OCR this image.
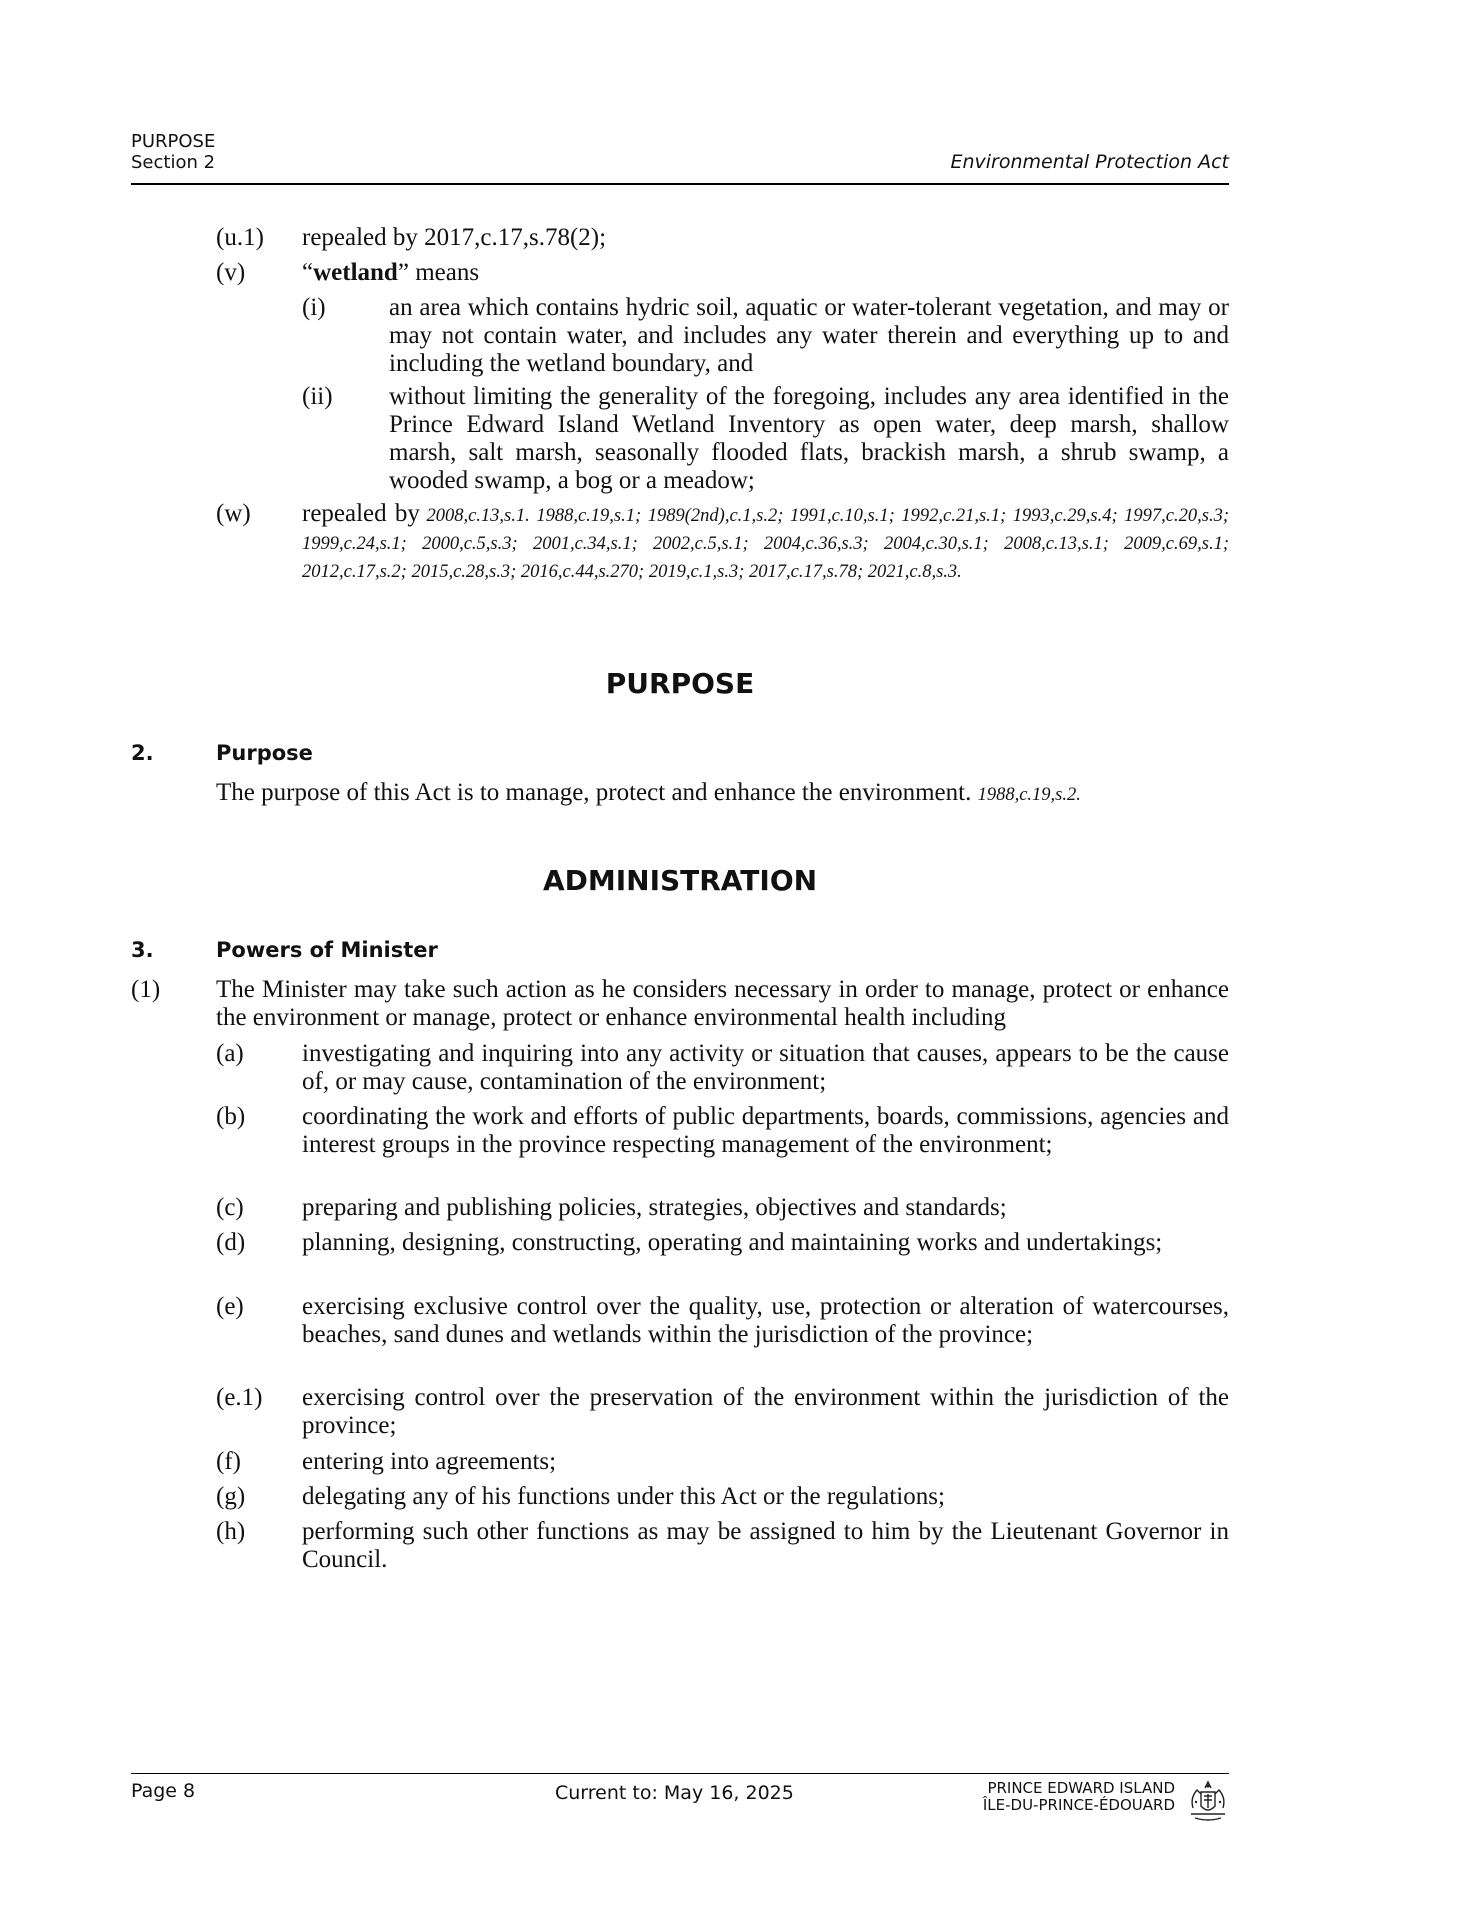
PURPOSE
Section 2	Environmental Protection Act
(u.1) repealed by 2017,c.17,s.78(2);
(v) “wetland” means
(i)	an area which contains hydric soil, aquatic or water-tolerant vegetation, and may or may not contain water, and includes any water therein and everything up to and including the wetland boundary, and
(ii) without limiting the generality of the foregoing, includes any area identified in the Prince Edward Island Wetland Inventory as open water, deep marsh, shallow marsh, salt marsh, seasonally flooded flats, brackish marsh, a shrub swamp, a wooded swamp, a bog or a meadow;
(w) repealed by 2008,c.13,s.1. 1988,c.19,s.1; 1989(2nd),c.1,s.2; 1991,c.10,s.1; 1992,c.21,s.1; 1993,c.29,s.4; 1997,c.20,s.3; 1999,c.24,s.1; 2000,c.5,s.3; 2001,c.34,s.1; 2002,c.5,s.1; 2004,c.36,s.3; 2004,c.30,s.1; 2008,c.13,s.1; 2009,c.69,s.1; 2012,c.17,s.2; 2015,c.28,s.3; 2016,c.44,s.270; 2019,c.1,s.3; 2017,c.17,s.78; 2021,c.8,s.3.
PURPOSE
2.	Purpose
The purpose of this Act is to manage, protect and enhance the environment. 1988,c.19,s.2.
ADMINISTRATION
3.	Powers of Minister
(1) The Minister may take such action as he considers necessary in order to manage, protect or enhance the environment or manage, protect or enhance environmental health including
(a) investigating and inquiring into any activity or situation that causes, appears to be the cause of, or may cause, contamination of the environment;
(b) coordinating the work and efforts of public departments, boards, commissions, agencies and interest groups in the province respecting management of the environment;
(c) preparing and publishing policies, strategies, objectives and standards;
(d) planning, designing, constructing, operating and maintaining works and undertakings;
(e) exercising exclusive control over the quality, use, protection or alteration of watercourses, beaches, sand dunes and wetlands within the jurisdiction of the province;
(e.1) exercising control over the preservation of the environment within the jurisdiction of the province;
(f) entering into agreements;
(g) delegating any of his functions under this Act or the regulations;
(h) performing such other functions as may be assigned to him by the Lieutenant Governor in Council.
Page 8	Current to: May 16, 2025	PRINCE EDWARD ISLAND
ÎLE-DU-PRINCE-ÉDOUARD
